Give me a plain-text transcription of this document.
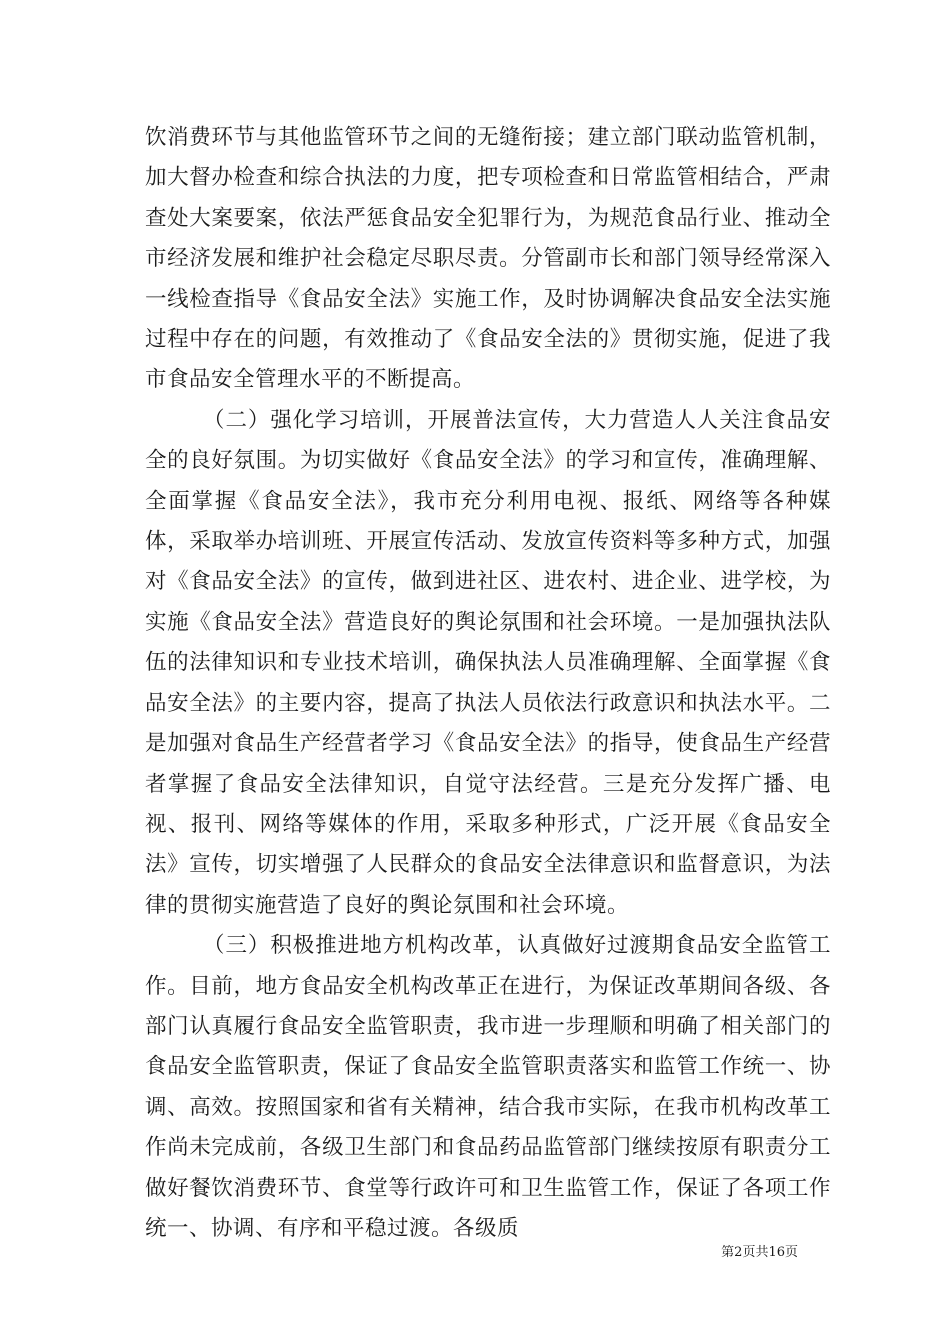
饮消费环节与其他监管环节之间的无缝衔接；建立部门联动监管机制，加大督办检查和综合执法的力度，把专项检查和日常监管相结合，严肃查处大案要案，依法严惩食品安全犯罪行为，为规范食品行业、推动全市经济发展和维护社会稳定尽职尽责。分管副市长和部门领导经常深入一线检查指导《食品安全法》实施工作，及时协调解决食品安全法实施过程中存在的问题，有效推动了《食品安全法的》贯彻实施，促进了我市食品安全管理水平的不断提高。

（二）强化学习培训，开展普法宣传，大力营造人人关注食品安全的良好氛围。为切实做好《食品安全法》的学习和宣传，准确理解、全面掌握《食品安全法》，我市充分利用电视、报纸、网络等各种媒体，采取举办培训班、开展宣传活动、发放宣传资料等多种方式，加强对《食品安全法》的宣传，做到进社区、进农村、进企业、进学校，为实施《食品安全法》营造良好的舆论氛围和社会环境。一是加强执法队伍的法律知识和专业技术培训，确保执法人员准确理解、全面掌握《食品安全法》的主要内容，提高了执法人员依法行政意识和执法水平。二是加强对食品生产经营者学习《食品安全法》的指导，使食品生产经营者掌握了食品安全法律知识，自觉守法经营。三是充分发挥广播、电视、报刊、网络等媒体的作用，采取多种形式，广泛开展《食品安全法》宣传，切实增强了人民群众的食品安全法律意识和监督意识，为法律的贯彻实施营造了良好的舆论氛围和社会环境。

（三）积极推进地方机构改革，认真做好过渡期食品安全监管工作。目前，地方食品安全机构改革正在进行，为保证改革期间各级、各部门认真履行食品安全监管职责，我市进一步理顺和明确了相关部门的食品安全监管职责，保证了食品安全监管职责落实和监管工作统一、协调、高效。按照国家和省有关精神，结合我市实际，在我市机构改革工作尚未完成前，各级卫生部门和食品药品监管部门继续按原有职责分工做好餐饮消费环节、食堂等行政许可和卫生监管工作，保证了各项工作统一、协调、有序和平稳过渡。各级质

第2页共16页
